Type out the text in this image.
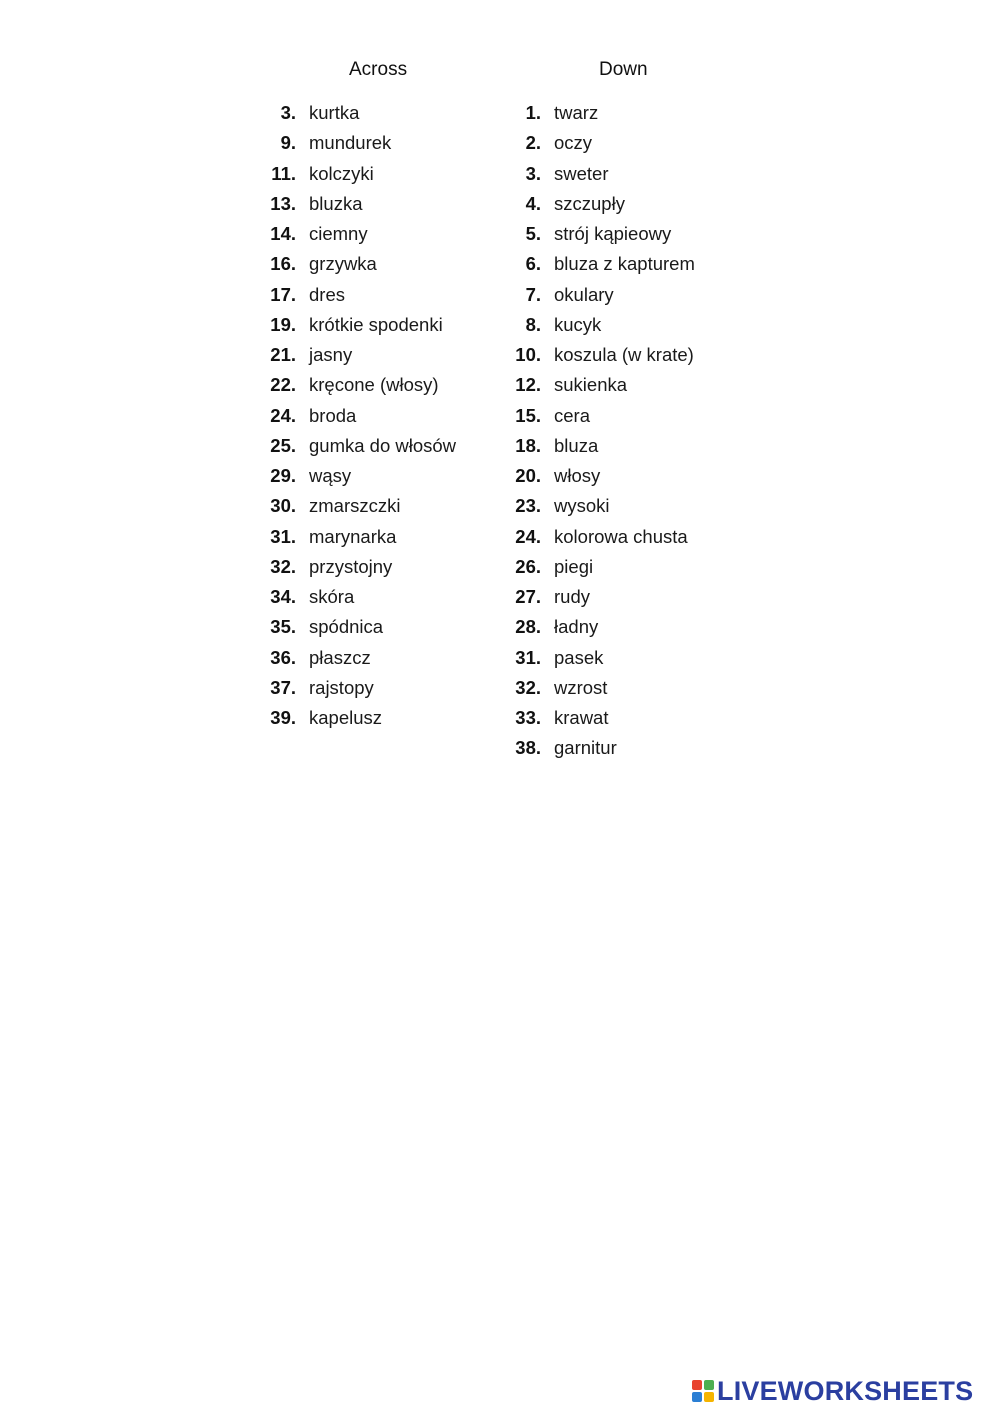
Across
3. kurtka
9. mundurek
11. kolczyki
13. bluzka
14. ciemny
16. grzywka
17. dres
19. krótkie spodenki
21. jasny
22. kręcone (włosy)
24. broda
25. gumka do włosów
29. wąsy
30. zmarszczki
31. marynarka
32. przystojny
34. skóra
35. spódnica
36. płaszcz
37. rajstopy
39. kapelusz
Down
1. twarz
2. oczy
3. sweter
4. szczupły
5. strój kąpieowy
6. bluza z kapturem
7. okulary
8. kucyk
10. koszula (w krate)
12. sukienka
15. cera
18. bluza
20. włosy
23. wysoki
24. kolorowa chusta
26. piegi
27. rudy
28. ładny
31. pasek
32. wzrost
33. krawat
38. garnitur
LIVEWORKSHEETS
